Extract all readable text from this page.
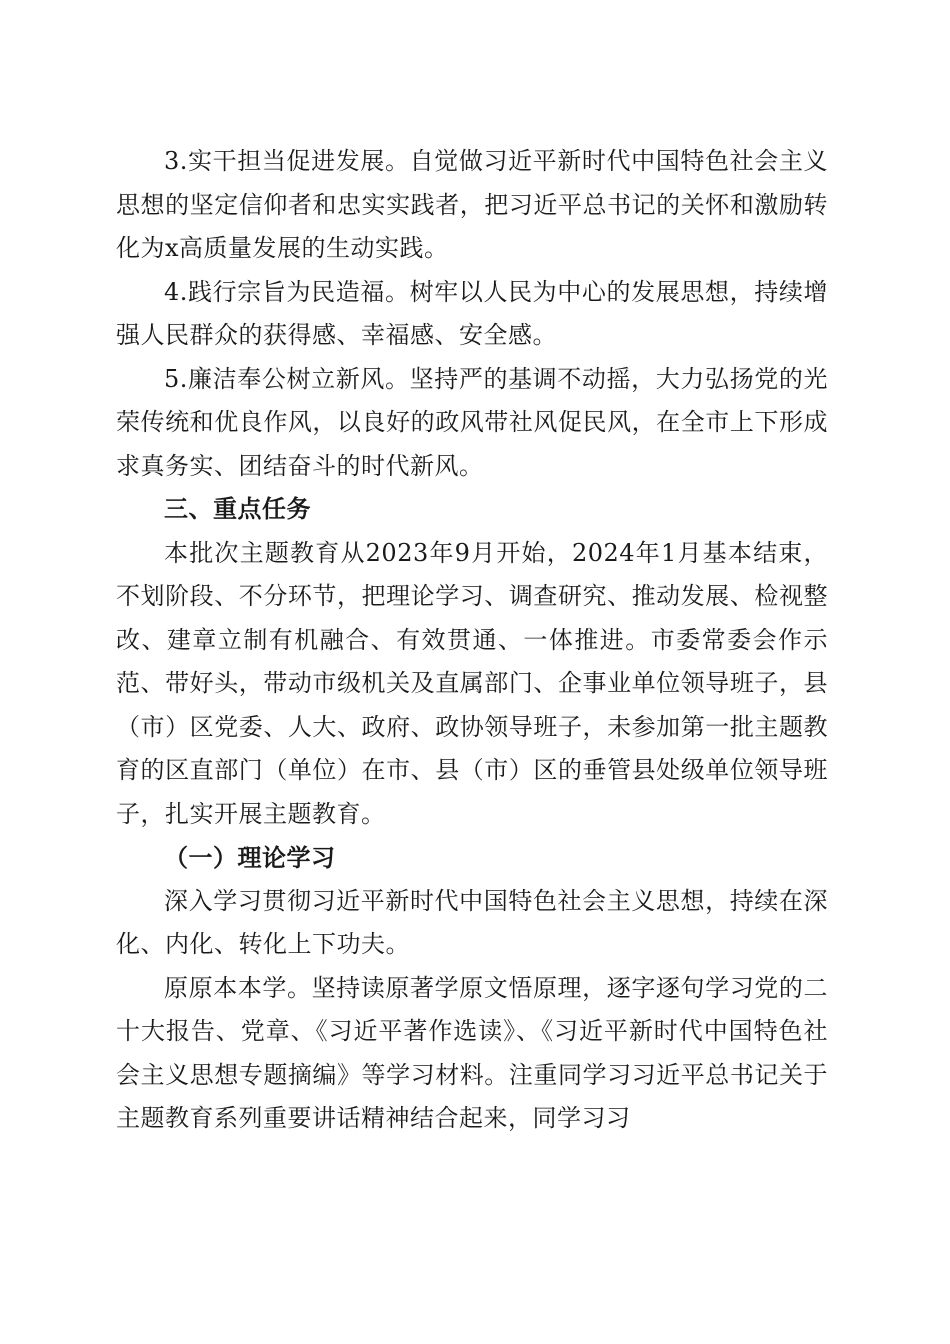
3.实干担当促进发展。自觉做习近平新时代中国特色社会主义思想的坚定信仰者和忠实实践者，把习近平总书记的关怀和激励转化为x高质量发展的生动实践。

4.践行宗旨为民造福。树牢以人民为中心的发展思想，持续增强人民群众的获得感、幸福感、安全感。

5.廉洁奉公树立新风。坚持严的基调不动摇，大力弘扬党的光荣传统和优良作风，以良好的政风带社风促民风，在全市上下形成求真务实、团结奋斗的时代新风。

三、重点任务

本批次主题教育从2023年9月开始，2024年1月基本结束，不划阶段、不分环节，把理论学习、调查研究、推动发展、检视整改、建章立制有机融合、有效贯通、一体推进。市委常委会作示范、带好头，带动市级机关及直属部门、企事业单位领导班子，县（市）区党委、人大、政府、政协领导班子，未参加第一批主题教育的区直部门（单位）在市、县（市）区的垂管县处级单位领导班子，扎实开展主题教育。

（一）理论学习

深入学习贯彻习近平新时代中国特色社会主义思想，持续在深化、内化、转化上下功夫。

原原本本学。坚持读原著学原文悟原理，逐字逐句学习党的二十大报告、党章、《习近平著作选读》、《习近平新时代中国特色社会主义思想专题摘编》等学习材料。注重同学习习近平总书记关于主题教育系列重要讲话精神结合起来，同学习习
